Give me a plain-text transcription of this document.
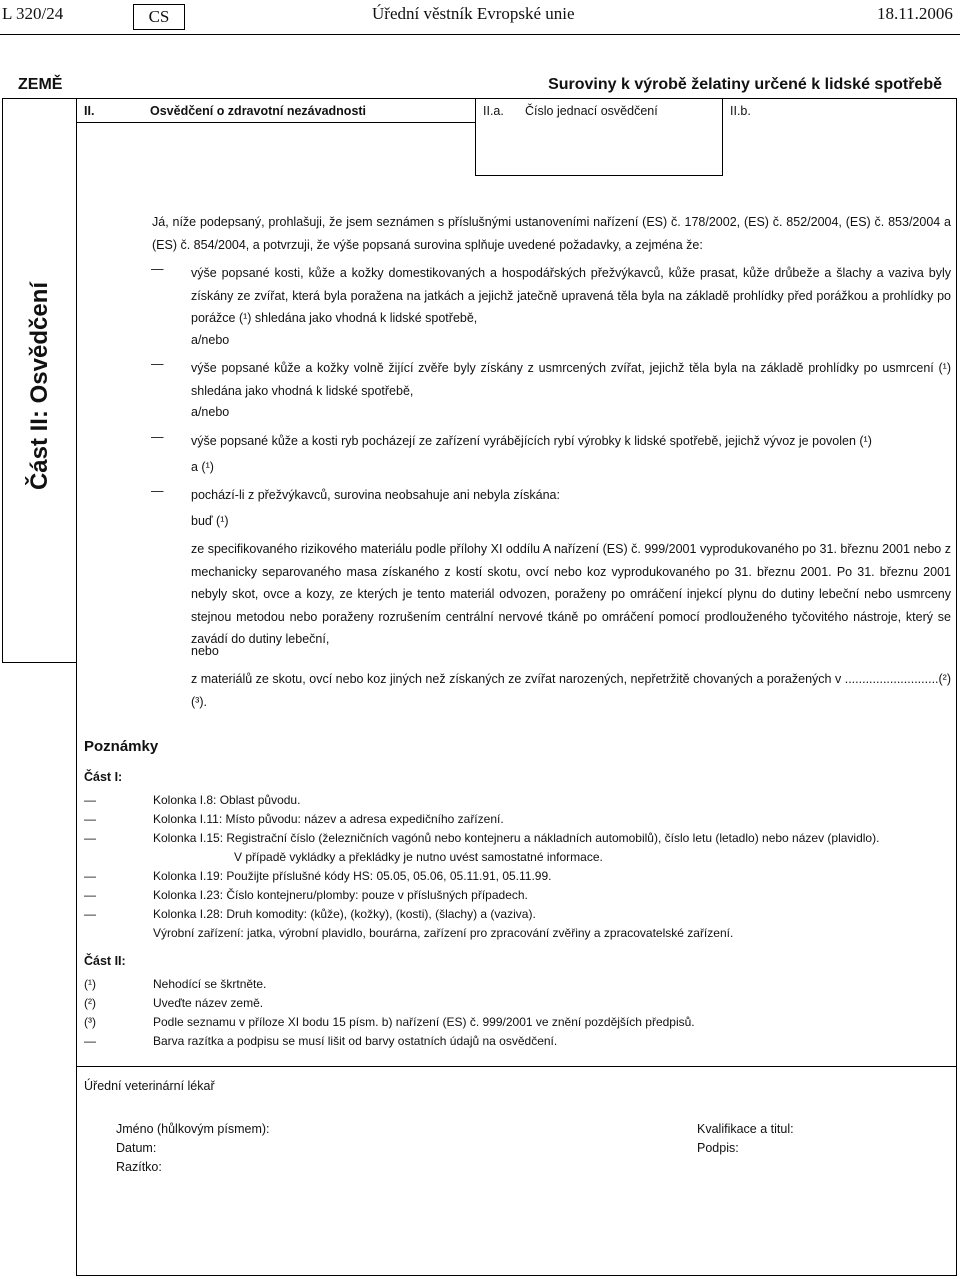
L 320/24	CS	Úřední věstník Evropské unie	18.11.2006
ZEMĚ	Suroviny k výrobě želatiny určené k lidské spotřebě
Část II: Osvědčení
II.	Osvědčení o zdravotní nezávadnosti	II.a. Číslo jednací osvědčení	II.b.
Já, níže podepsaný, prohlašuji, že jsem seznámen s příslušnými ustanoveními nařízení (ES) č. 178/2002, (ES) č. 852/2004, (ES) č. 853/2004 a (ES) č. 854/2004, a potvrzuji, že výše popsaná surovina splňuje uvedené požadavky, a zejména že:
— výše popsané kosti, kůže a kožky domestikovaných a hospodářských přežvýkavců, kůže prasat, kůže drůbeže a šlachy a vaziva byly získány ze zvířat, která byla poražena na jatkách a jejichž jatečně upravená těla byla na základě prohlídky před porážkou a prohlídky po porážce (¹) shledána jako vhodná k lidské spotřebě,
a/nebo
— výše popsané kůže a kožky volně žijící zvěře byly získány z usmrcených zvířat, jejichž těla byla na základě prohlídky po usmrcení (¹) shledána jako vhodná k lidské spotřebě,
a/nebo
— výše popsané kůže a kosti ryb pocházejí ze zařízení vyrábějících rybí výrobky k lidské spotřebě, jejichž vývoz je povolen (¹)
a (¹)
— pochází-li z přežvýkavců, surovina neobsahuje ani nebyla získána:
buď (¹)
ze specifikovaného rizikového materiálu podle přílohy XI oddílu A nařízení (ES) č. 999/2001 vyprodukovaného po 31. březnu 2001 nebo z mechanicky separovaného masa získaného z kostí skotu, ovcí nebo koz vyprodukovaného po 31. březnu 2001. Po 31. březnu 2001 nebyly skot, ovce a kozy, ze kterých je tento materiál odvozen, poraženy po omráčení injekcí plynu do dutiny lebeční nebo usmrceny stejnou metodou nebo poraženy rozrušením centrální nervové tkáně po omráčení pomocí prodlouženého tyčovitého nástroje, který se zavádí do dutiny lebeční,
nebo
z materiálů ze skotu, ovcí nebo koz jiných než získaných ze zvířat narozených, nepřetržitě chovaných a poražených v ...........................(²) (³).
Poznámky
Část I:
—	Kolonka I.8: Oblast původu.
—	Kolonka I.11: Místo původu: název a adresa expedičního zařízení.
—	Kolonka I.15: Registrační číslo (železničních vagónů nebo kontejneru a nákladních automobilů), číslo letu (letadlo) nebo název (plavidlo).
V případě vykládky a překládky je nutno uvést samostatné informace.
—	Kolonka I.19: Použijte příslušné kódy HS: 05.05, 05.06, 05.11.91, 05.11.99.
—	Kolonka I.23: Číslo kontejneru/plomby: pouze v příslušných případech.
—	Kolonka I.28: Druh komodity: (kůže), (kožky), (kosti), (šlachy) a (vaziva).
Výrobní zařízení: jatka, výrobní plavidlo, bourárna, zařízení pro zpracování zvěřiny a zpracovatelské zařízení.
Část II:
(¹)	Nehodící se škrtněte.
(²)	Uveďte název země.
(³)	Podle seznamu v příloze XI bodu 15 písm. b) nařízení (ES) č. 999/2001 ve znění pozdějších předpisů.
—	Barva razítka a podpisu se musí lišit od barvy ostatních údajů na osvědčení.
Úřední veterinární lékař
Jméno (hůlkovým písmem):
Datum:
Razítko:
Kvalifikace a titul:
Podpis:
